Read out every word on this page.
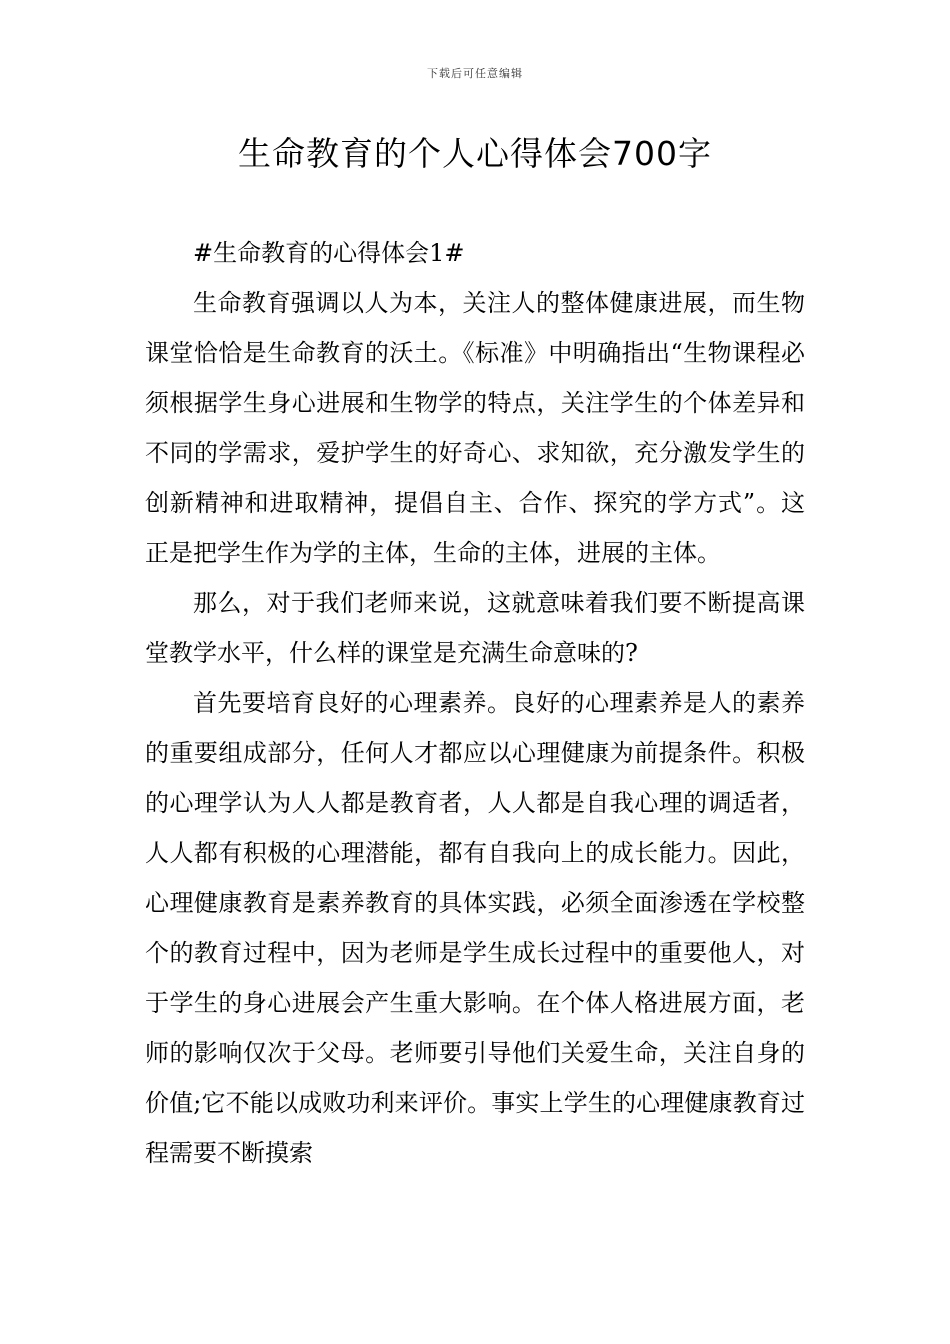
下载后可任意编辑
生命教育的个人心得体会700字

#生命教育的心得体会1#

生命教育强调以人为本，关注人的整体健康进展，而生物课堂恰恰是生命教育的沃土。《标准》中明确指出“生物课程必须根据学生身心进展和生物学的特点，关注学生的个体差异和不同的学需求，爱护学生的好奇心、求知欲，充分激发学生的创新精神和进取精神，提倡自主、合作、探究的学方式”。这正是把学生作为学的主体，生命的主体，进展的主体。

那么，对于我们老师来说，这就意味着我们要不断提高课堂教学水平，什么样的课堂是充满生命意味的?

首先要培育良好的心理素养。良好的心理素养是人的素养的重要组成部分，任何人才都应以心理健康为前提条件。积极的心理学认为人人都是教育者，人人都是自我心理的调适者，人人都有积极的心理潜能，都有自我向上的成长能力。因此，心理健康教育是素养教育的具体实践，必须全面渗透在学校整个的教育过程中，因为老师是学生成长过程中的重要他人，对于学生的身心进展会产生重大影响。在个体人格进展方面，老师的影响仅次于父母。老师要引导他们关爱生命，关注自身的价值;它不能以成败功利来评价。事实上学生的心理健康教育过程需要不断摸索
